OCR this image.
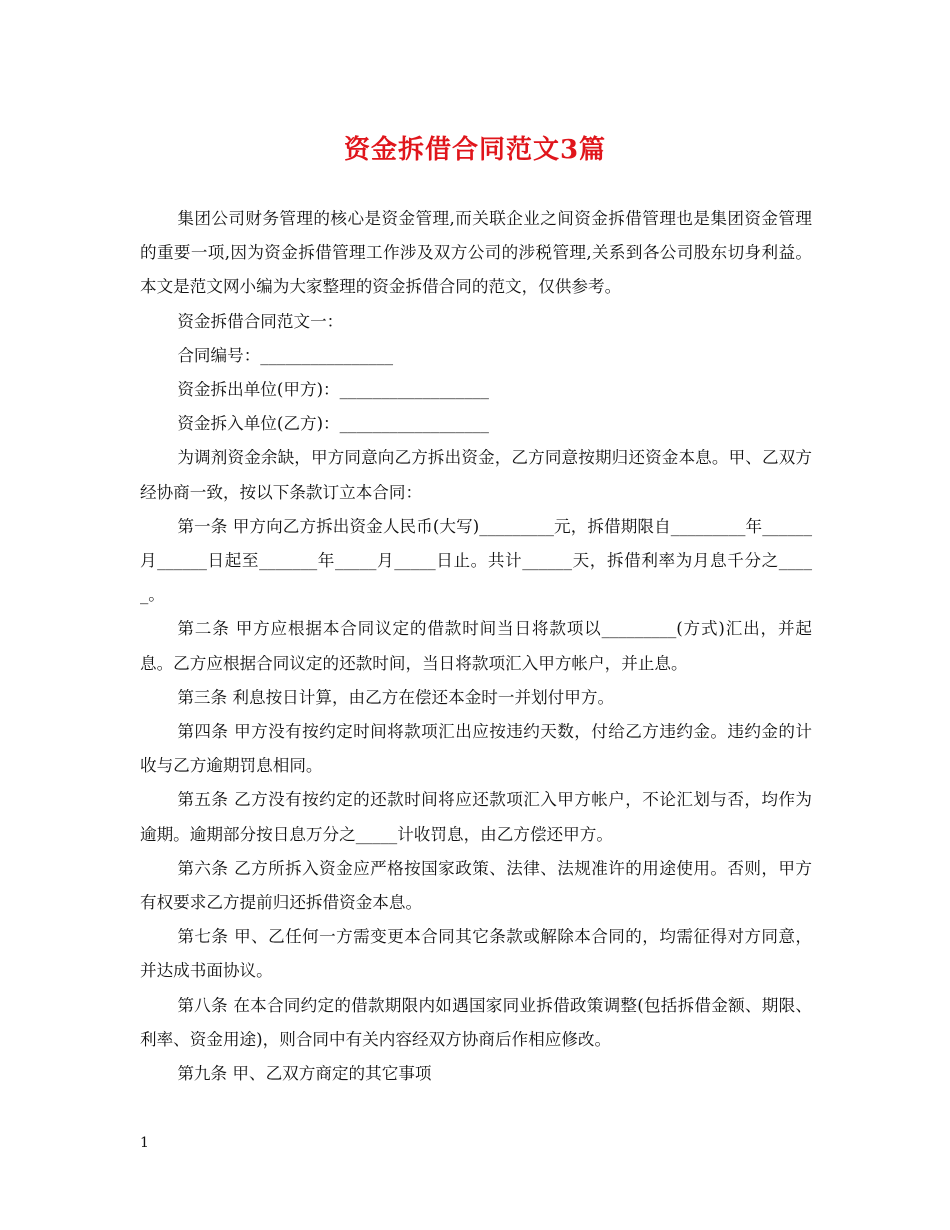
资金拆借合同范文3篇

集团公司财务管理的核心是资金管理,而关联企业之间资金拆借管理也是集团资金管理的重要一项,因为资金拆借管理工作涉及双方公司的涉税管理,关系到各公司股东切身利益。本文是范文网小编为大家整理的资金拆借合同的范文，仅供参考。

资金拆借合同范文一：

合同编号：________________

资金拆出单位(甲方)：__________________

资金拆入单位(乙方)：__________________

为调剂资金余缺，甲方同意向乙方拆出资金，乙方同意按期归还资金本息。甲、乙双方经协商一致，按以下条款订立本合同：

第一条 甲方向乙方拆出资金人民币(大写)_________元，拆借期限自_________年______月______日起至_______年_____月_____日止。共计______天，拆借利率为月息千分之_____。

第二条 甲方应根据本合同议定的借款时间当日将款项以_________(方式)汇出，并起息。乙方应根据合同议定的还款时间，当日将款项汇入甲方帐户，并止息。

第三条 利息按日计算，由乙方在偿还本金时一并划付甲方。

第四条 甲方没有按约定时间将款项汇出应按违约天数，付给乙方违约金。违约金的计收与乙方逾期罚息相同。

第五条 乙方没有按约定的还款时间将应还款项汇入甲方帐户，不论汇划与否，均作为逾期。逾期部分按日息万分之_____计收罚息，由乙方偿还甲方。

第六条 乙方所拆入资金应严格按国家政策、法律、法规准许的用途使用。否则，甲方有权要求乙方提前归还拆借资金本息。

第七条 甲、乙任何一方需变更本合同其它条款或解除本合同的，均需征得对方同意，并达成书面协议。

第八条 在本合同约定的借款期限内如遇国家同业拆借政策调整(包括拆借金额、期限、利率、资金用途)，则合同中有关内容经双方协商后作相应修改。

第九条 甲、乙双方商定的其它事项

1
